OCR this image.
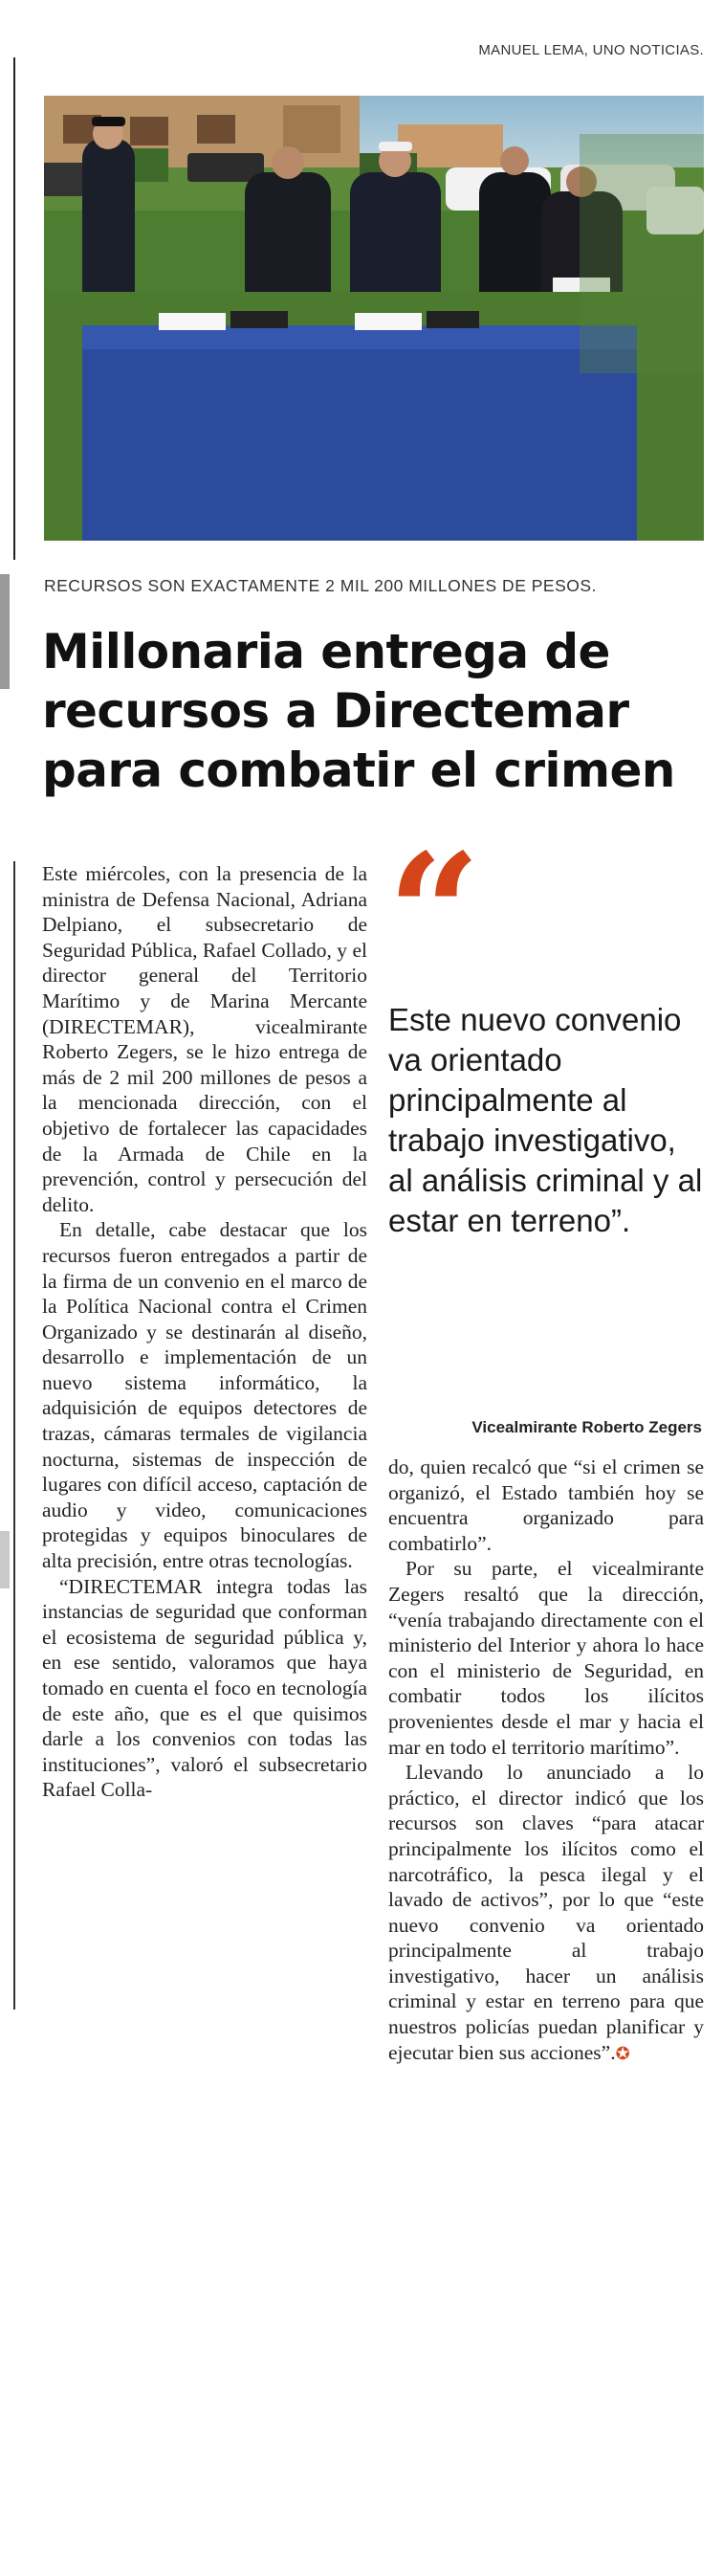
MANUEL LEMA, UNO NOTICIAS.
RECURSOS SON EXACTAMENTE 2 MIL 200 MILLONES DE PESOS.
Millonaria entrega de recursos a Directemar para combatir el crimen

Este miércoles, con la presencia de la ministra de Defensa Nacional, Adriana Delpiano, el subsecretario de Seguridad Pública, Rafael Collado, y el director general del Territorio Marítimo y de Marina Mercante (DIRECTEMAR), vicealmirante Roberto Zegers, se le hizo entrega de más de 2 mil 200 millones de pesos a la mencionada dirección, con el objetivo de fortalecer las capacidades de la Armada de Chile en la prevención, control y persecución del delito.

En detalle, cabe destacar que los recursos fueron entregados a partir de la firma de un convenio en el marco de la Política Nacional contra el Crimen Organizado y se destinarán al diseño, desarrollo e implementación de un nuevo sistema informático, la adquisición de equipos detectores de trazas, cámaras termales de vigilancia nocturna, sistemas de inspección de lugares con difícil acceso, captación de audio y video, comunicaciones protegidas y equipos binoculares de alta precisión, entre otras tecnologías.

“DIRECTEMAR integra todas las instancias de seguridad que conforman el ecosistema de seguridad pública y, en ese sentido, valoramos que haya tomado en cuenta el foco en tecnología de este año, que es el que quisimos darle a los convenios con todas las instituciones”, valoró el subsecretario Rafael Colla-

“

Este nuevo convenio va orientado principalmente al trabajo investigativo, al análisis criminal y al estar en terreno”.

Vicealmirante Roberto Zegers

do, quien recalcó que “si el crimen se organizó, el Estado también hoy se encuentra organizado para combatirlo”.

Por su parte, el vicealmirante Zegers resaltó que la dirección, “venía trabajando directamente con el ministerio del Interior y ahora lo hace con el ministerio de Seguridad, en combatir todos los ilícitos provenientes desde el mar y hacia el mar en todo el territorio marítimo”.

Llevando lo anunciado a lo práctico, el director indicó que los recursos son claves “para atacar principalmente los ilícitos como el narcotráfico, la pesca ilegal y el lavado de activos”, por lo que “este nuevo convenio va orientado principalmente al trabajo investigativo, hacer un análisis criminal y estar en terreno para que nuestros policías puedan planificar y ejecutar bien sus acciones”.✪
